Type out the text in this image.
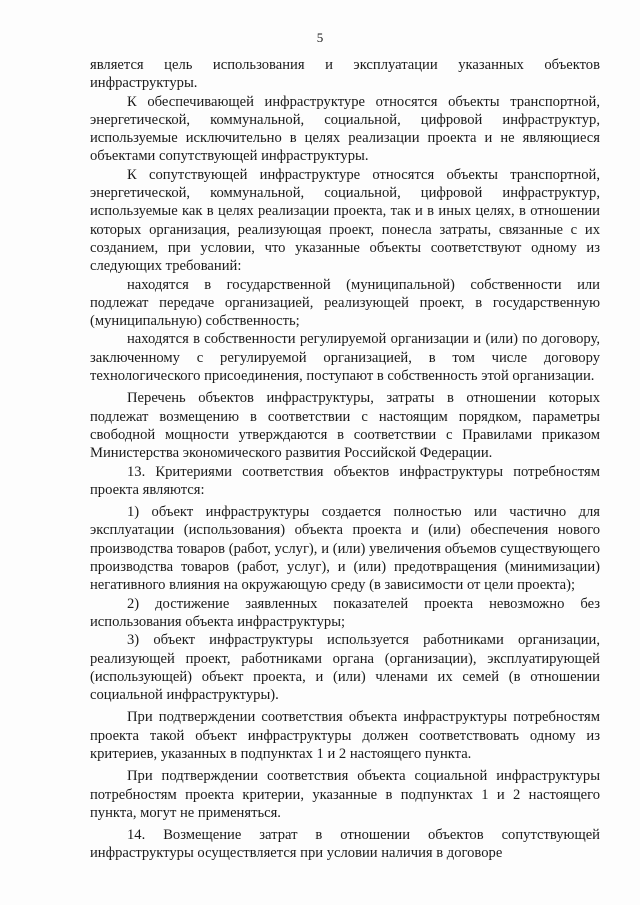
5

является цель использования и эксплуатации указанных объектов инфраструктуры.

К обеспечивающей инфраструктуре относятся объекты транспортной, энергетической, коммунальной, социальной, цифровой инфраструктур, используемые исключительно в целях реализации проекта и не являющиеся объектами сопутствующей инфраструктуры.

К сопутствующей инфраструктуре относятся объекты транспортной, энергетической, коммунальной, социальной, цифровой инфраструктур, используемые как в целях реализации проекта, так и в иных целях, в отношении которых организация, реализующая проект, понесла затраты, связанные с их созданием, при условии, что указанные объекты соответствуют одному из следующих требований:

находятся в государственной (муниципальной) собственности или подлежат передаче организацией, реализующей проект, в государственную (муниципальную) собственность;

находятся в собственности регулируемой организации и (или) по договору, заключенному с регулируемой организацией, в том числе договору технологического присоединения, поступают в собственность этой организации.

Перечень объектов инфраструктуры, затраты в отношении которых подлежат возмещению в соответствии с настоящим порядком, параметры свободной мощности утверждаются в соответствии с Правилами приказом Министерства экономического развития Российской Федерации.

13. Критериями соответствия объектов инфраструктуры потребностям проекта являются:

1) объект инфраструктуры создается полностью или частично для эксплуатации (использования) объекта проекта и (или) обеспечения нового производства товаров (работ, услуг), и (или) увеличения объемов существующего производства товаров (работ, услуг), и (или) предотвращения (минимизации) негативного влияния на окружающую среду (в зависимости от цели проекта);

2) достижение заявленных показателей проекта невозможно без использования объекта инфраструктуры;

3) объект инфраструктуры используется работниками организации, реализующей проект, работниками органа (организации), эксплуатирующей (использующей) объект проекта, и (или) членами их семей (в отношении социальной инфраструктуры).

При подтверждении соответствия объекта инфраструктуры потребностям проекта такой объект инфраструктуры должен соответствовать одному из критериев, указанных в подпунктах 1 и 2 настоящего пункта.

При подтверждении соответствия объекта социальной инфраструктуры потребностям проекта критерии, указанные в подпунктах 1 и 2 настоящего пункта, могут не применяться.

14. Возмещение затрат в отношении объектов сопутствующей инфраструктуры осуществляется при условии наличия в договоре
